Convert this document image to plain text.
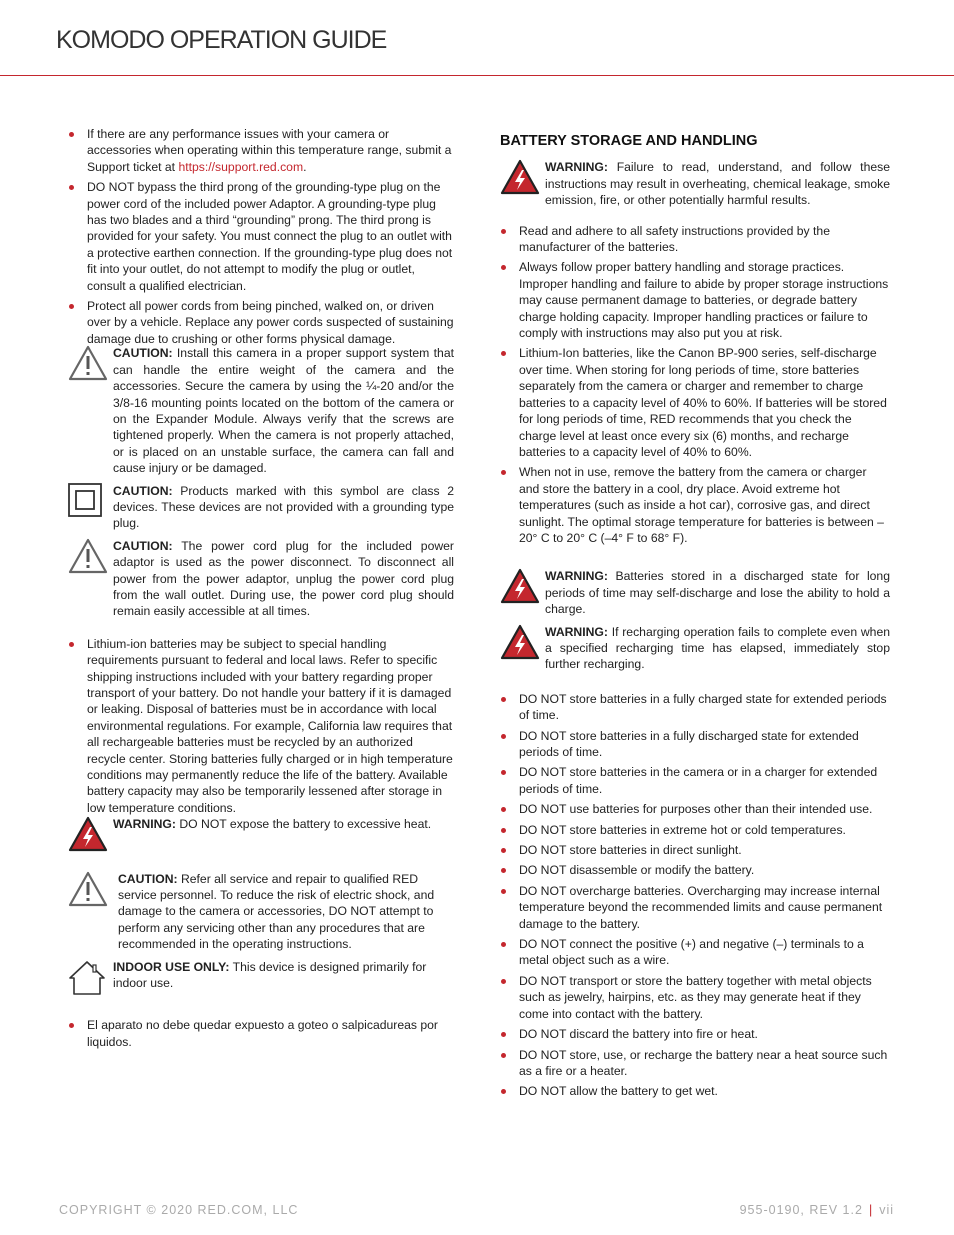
KOMODO OPERATION GUIDE
If there are any performance issues with your camera or accessories when operating within this temperature range, submit a Support ticket at https://support.red.com.
DO NOT bypass the third prong of the grounding-type plug on the power cord of the included power Adaptor. A grounding-type plug has two blades and a third “grounding” prong. The third prong is provided for your safety. You must connect the plug to an outlet with a protective earthen connection. If the grounding-type plug does not fit into your outlet, do not attempt to modify the plug or outlet, consult a qualified electrician.
Protect all power cords from being pinched, walked on, or driven over by a vehicle. Replace any power cords suspected of sustaining damage due to crushing or other forms physical damage.
CAUTION: Install this camera in a proper support system that can handle the entire weight of the camera and the accessories. Secure the camera by using the ¼-20 and/or the 3/8-16 mounting points located on the bottom of the camera or on the Expander Module. Always verify that the screws are tightened properly. When the camera is not properly attached, or is placed on an unstable surface, the camera can fall and cause injury or be damaged.
CAUTION: Products marked with this symbol are class 2 devices. These devices are not provided with a grounding type plug.
CAUTION: The power cord plug for the included power adaptor is used as the power disconnect. To disconnect all power from the power adaptor, unplug the power cord plug from the wall outlet. During use, the power cord plug should remain easily accessible at all times.
Lithium-ion batteries may be subject to special handling requirements pursuant to federal and local laws. Refer to specific shipping instructions included with your battery regarding proper transport of your battery. Do not handle your battery if it is damaged or leaking. Disposal of batteries must be in accordance with local environmental regulations. For example, California law requires that all rechargeable batteries must be recycled by an authorized recycle center. Storing batteries fully charged or in high temperature conditions may permanently reduce the life of the battery. Available battery capacity may also be temporarily lessened after storage in low temperature conditions.
WARNING: DO NOT expose the battery to excessive heat.
CAUTION: Refer all service and repair to qualified RED service personnel. To reduce the risk of electric shock, and damage to the camera or accessories, DO NOT attempt to perform any servicing other than any procedures that are recommended in the operating instructions.
INDOOR USE ONLY: This device is designed primarily for indoor use.
El aparato no debe quedar expuesto a goteo o salpicadureas por liquidos.
BATTERY STORAGE AND HANDLING
WARNING: Failure to read, understand, and follow these instructions may result in overheating, chemical leakage, smoke emission, fire, or other potentially harmful results.
Read and adhere to all safety instructions provided by the manufacturer of the batteries.
Always follow proper battery handling and storage practices. Improper handling and failure to abide by proper storage instructions may cause permanent damage to batteries, or degrade battery charge holding capacity. Improper handling practices or failure to comply with instructions may also put you at risk.
Lithium-Ion batteries, like the Canon BP-900 series, self-discharge over time. When storing for long periods of time, store batteries separately from the camera or charger and remember to charge batteries to a capacity level of 40% to 60%. If batteries will be stored for long periods of time, RED recommends that you check the charge level at least once every six (6) months, and recharge batteries to a capacity level of 40% to 60%.
When not in use, remove the battery from the camera or charger and store the battery in a cool, dry place. Avoid extreme hot temperatures (such as inside a hot car), corrosive gas, and direct sunlight. The optimal storage temperature for batteries is between –20° C to 20° C (–4° F to 68° F).
WARNING: Batteries stored in a discharged state for long periods of time may self-discharge and lose the ability to hold a charge.
WARNING: If recharging operation fails to complete even when a specified recharging time has elapsed, immediately stop further recharging.
DO NOT store batteries in a fully charged state for extended periods of time.
DO NOT store batteries in a fully discharged state for extended periods of time.
DO NOT store batteries in the camera or in a charger for extended periods of time.
DO NOT use batteries for purposes other than their intended use.
DO NOT store batteries in extreme hot or cold temperatures.
DO NOT store batteries in direct sunlight.
DO NOT disassemble or modify the battery.
DO NOT overcharge batteries. Overcharging may increase internal temperature beyond the recommended limits and cause permanent damage to the battery.
DO NOT connect the positive (+) and negative (–) terminals to a metal object such as a wire.
DO NOT transport or store the battery together with metal objects such as jewelry, hairpins, etc. as they may generate heat if they come into contact with the battery.
DO NOT discard the battery into fire or heat.
DO NOT store, use, or recharge the battery near a heat source such as a fire or a heater.
DO NOT allow the battery to get wet.
COPYRIGHT © 2020 RED.COM, LLC	955-0190, REV 1.2 | vii
